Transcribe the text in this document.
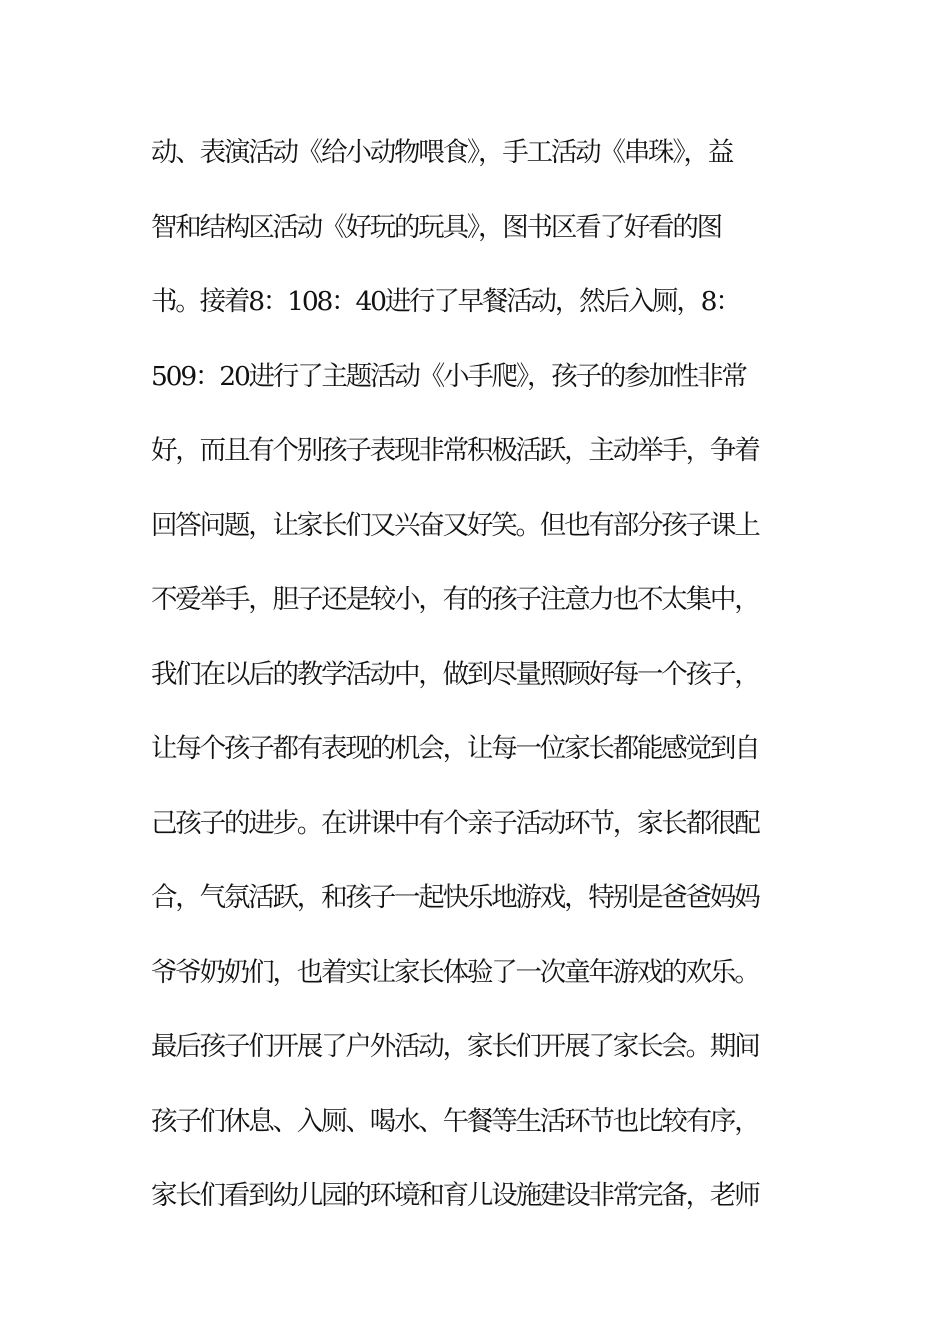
动、表演活动《给小动物喂食》，手工活动《串珠》，益
智和结构区活动《好玩的玩具》，图书区看了好看的图
书。接着8：108：40进行了早餐活动，然后入厕，8：
509：20进行了主题活动《小手爬》，孩子的参加性非常
好，而且有个别孩子表现非常积极活跃，主动举手，争着
回答问题，让家长们又兴奋又好笑。但也有部分孩子课上
不爱举手，胆子还是较小，有的孩子注意力也不太集中，
我们在以后的教学活动中，做到尽量照顾好每一个孩子，
让每个孩子都有表现的机会，让每一位家长都能感觉到自
己孩子的进步。在讲课中有个亲子活动环节，家长都很配
合，气氛活跃，和孩子一起快乐地游戏，特别是爸爸妈妈
爷爷奶奶们，也着实让家长体验了一次童年游戏的欢乐。
最后孩子们开展了户外活动，家长们开展了家长会。期间
孩子们休息、入厕、喝水、午餐等生活环节也比较有序，
家长们看到幼儿园的环境和育儿设施建设非常完备，老师
